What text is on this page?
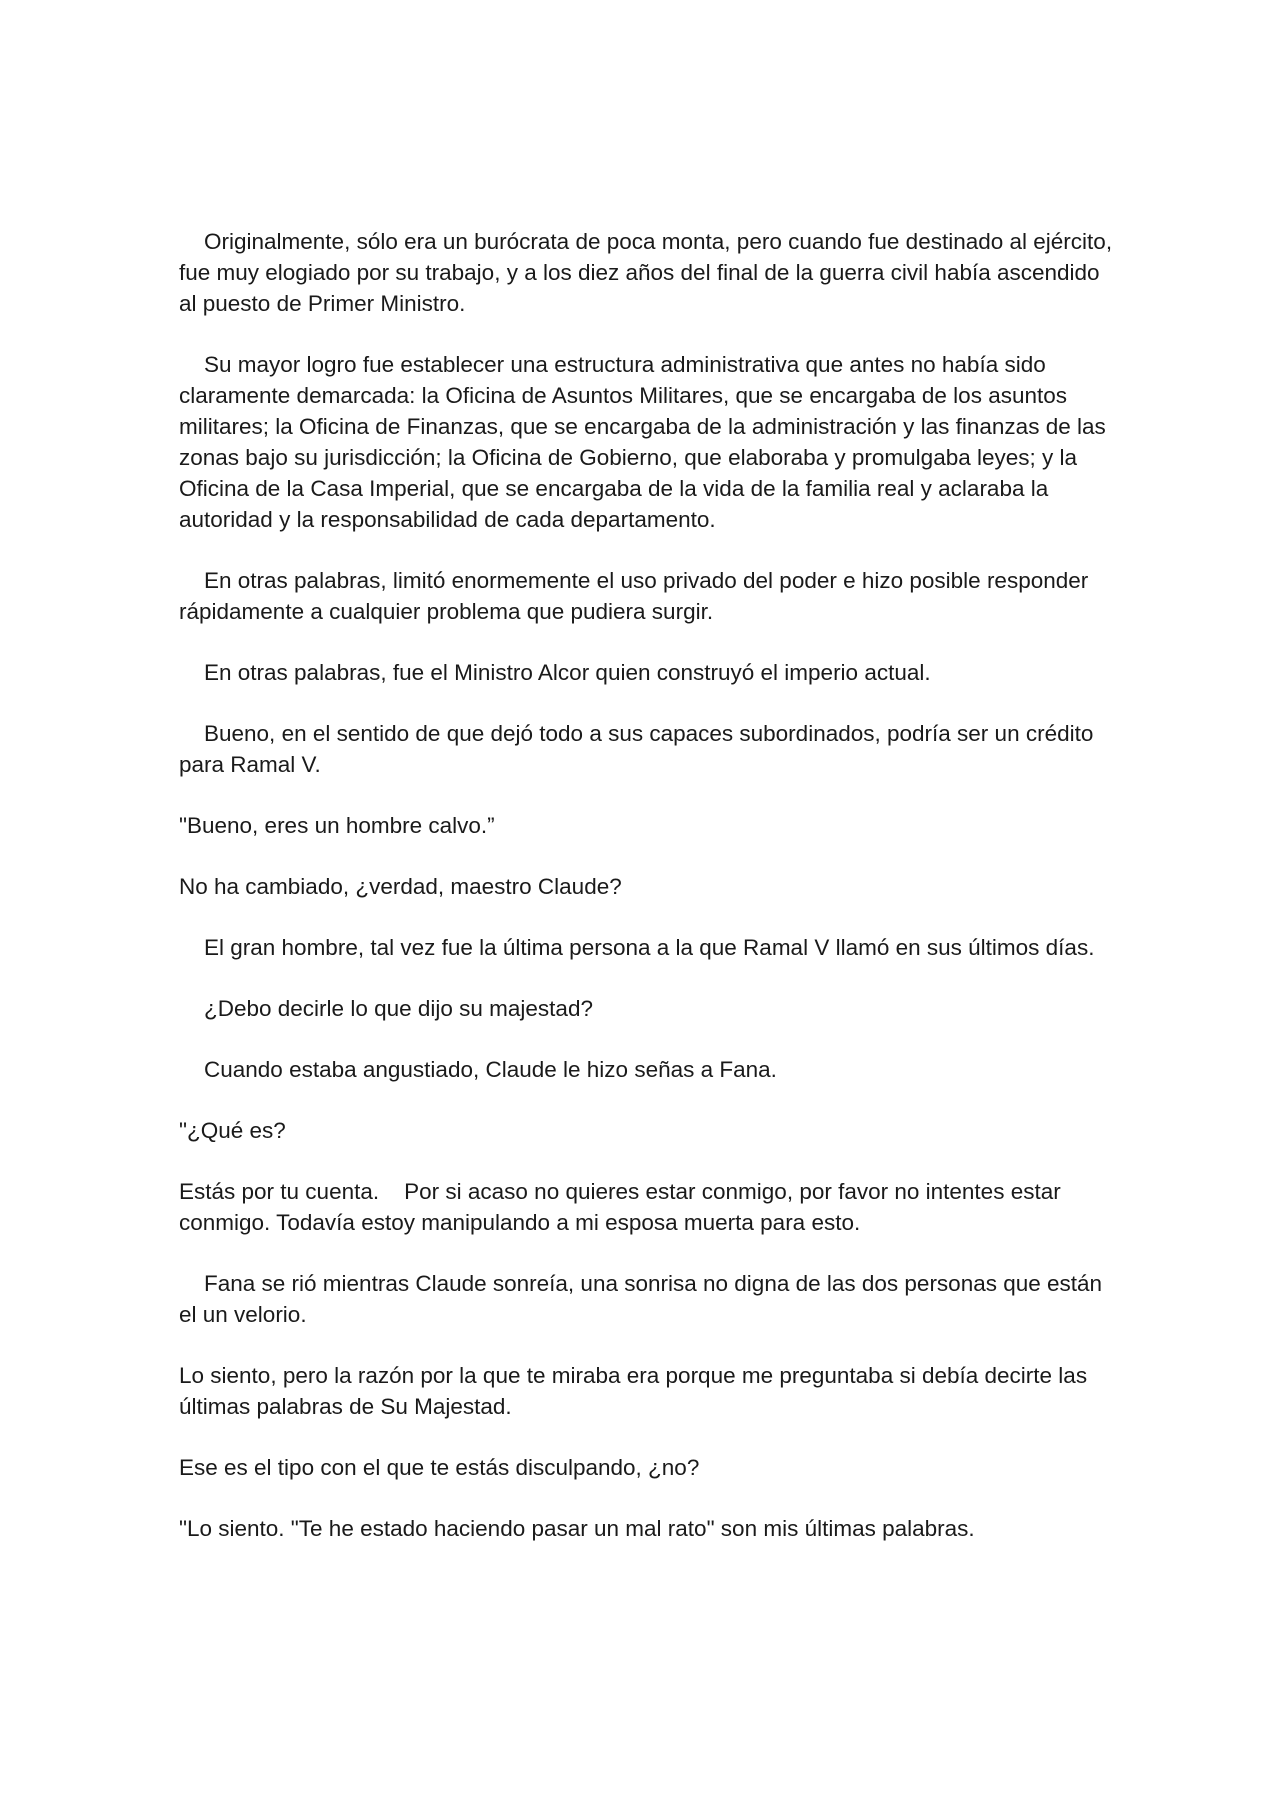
Originalmente, sólo era un burócrata de poca monta, pero cuando fue destinado al ejército, fue muy elogiado por su trabajo, y a los diez años del final de la guerra civil había ascendido al puesto de Primer Ministro.

Su mayor logro fue establecer una estructura administrativa que antes no había sido claramente demarcada: la Oficina de Asuntos Militares, que se encargaba de los asuntos militares; la Oficina de Finanzas, que se encargaba de la administración y las finanzas de las zonas bajo su jurisdicción; la Oficina de Gobierno, que elaboraba y promulgaba leyes; y la Oficina de la Casa Imperial, que se encargaba de la vida de la familia real y aclaraba la autoridad y la responsabilidad de cada departamento.

En otras palabras, limitó enormemente el uso privado del poder e hizo posible responder rápidamente a cualquier problema que pudiera surgir.

En otras palabras, fue el Ministro Alcor quien construyó el imperio actual.

Bueno, en el sentido de que dejó todo a sus capaces subordinados, podría ser un crédito para Ramal V.

"Bueno, eres un hombre calvo.”

No ha cambiado, ¿verdad, maestro Claude?

El gran hombre, tal vez fue la última persona a la que Ramal V llamó en sus últimos días.

¿Debo decirle lo que dijo su majestad?

Cuando estaba angustiado, Claude le hizo señas a Fana.

"¿Qué es?

Estás por tu cuenta.    Por si acaso no quieres estar conmigo, por favor no intentes estar conmigo. Todavía estoy manipulando a mi esposa muerta para esto.

Fana se rió mientras Claude sonreía, una sonrisa no digna de las dos personas que están el un velorio.

Lo siento, pero la razón por la que te miraba era porque me preguntaba si debía decirte las últimas palabras de Su Majestad.

Ese es el tipo con el que te estás disculpando, ¿no?

"Lo siento. "Te he estado haciendo pasar un mal rato" son mis últimas palabras.
